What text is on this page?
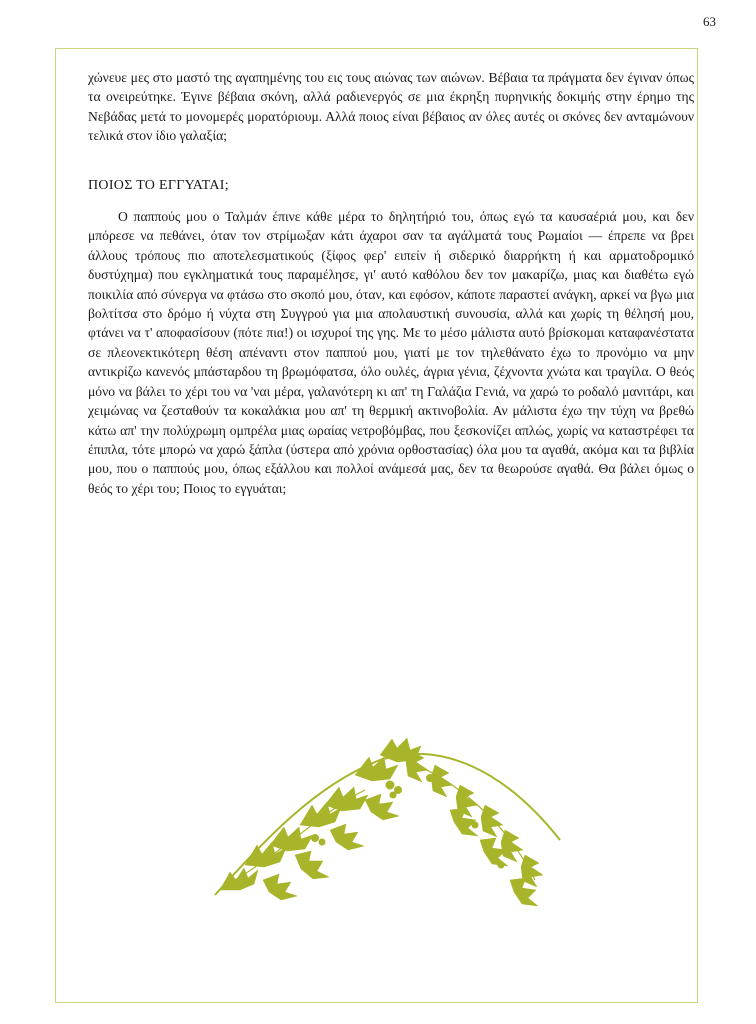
63

χώνευε μες στο μαστό της αγαπημένης του εις τους αιώνας των αιώνων. Βέβαια τα πράγματα δεν έγιναν όπως τα ονειρεύτηκε. Έγινε βέβαια σκόνη, αλλά ραδιενεργός σε μια έκρηξη πυρηνικής δοκιμής στην έρημο της Νεβάδας μετά το μονομερές μορατόριουμ. Αλλά ποιος είναι βέβαιος αν όλες αυτές οι σκόνες δεν ανταμώνουν τελικά στον ίδιο γαλαξία;

ΠΟΙΟΣ ΤΟ ΕΓΓΥΑΤΑΙ;

Ο παππούς μου ο Ταλμάν έπινε κάθε μέρα το δηλητήριό του, όπως εγώ τα καυσαέριά μου, και δεν μπόρεσε να πεθάνει, όταν τον στρίμωξαν κάτι άχαροι σαν τα αγάλματά τους Ρωμαίοι — έπρεπε να βρει άλλους τρόπους πιο αποτελεσματικούς (ξίφος φερ' ειπείν ή σιδερικό διαρρήκτη ή και αρματοδρομικό δυστύχημα) που εγκληματικά τους παραμέλησε, γι' αυτό καθόλου δεν τον μακαρίζω, μιας και διαθέτω εγώ ποικιλία από σύνεργα να φτάσω στο σκοπό μου, όταν, και εφόσον, κάποτε παραστεί ανάγκη, αρκεί να βγω μια βολτίτσα στο δρόμο ή νύχτα στη Συγγρού για μια απολαυστική συνουσία, αλλά και χωρίς τη θέλησή μου, φτάνει να τ' αποφασίσουν (πότε πια!) οι ισχυροί της γης. Με το μέσο μάλιστα αυτό βρίσκομαι καταφανέστατα σε πλεονεκτικότερη θέση απέναντι στον παππού μου, γιατί με τον τηλεθάνατο έχω το προνόμιο να μην αντικρίζω κανενός μπάσταρδου τη βρωμόφατσα, όλο ουλές, άγρια γένια, ζέχνοντα χνώτα και τραγίλα. Ο θεός μόνο να βάλει το χέρι του να 'ναι μέρα, γαλανότερη κι απ' τη Γαλάζια Γενιά, να χαρώ το ροδαλό μανιτάρι, και χειμώνας να ζεσταθούν τα κοκαλάκια μου απ' τη θερμική ακτινοβολία. Αν μάλιστα έχω την τύχη να βρεθώ κάτω απ' την πολύχρωμη ομπρέλα μιας ωραίας νετροβόμβας, που ξεσκονίζει απλώς, χωρίς να καταστρέφει τα έπιπλα, τότε μπορώ να χαρώ ξάπλα (ύστερα από χρόνια ορθοστασίας) όλα μου τα αγαθά, ακόμα και τα βιβλία μου, που ο παππούς μου, όπως εξάλλου και πολλοί ανάμεσά μας, δεν τα θεωρούσε αγαθά. Θα βάλει όμως ο θεός το χέρι του; Ποιος το εγγυάται;
